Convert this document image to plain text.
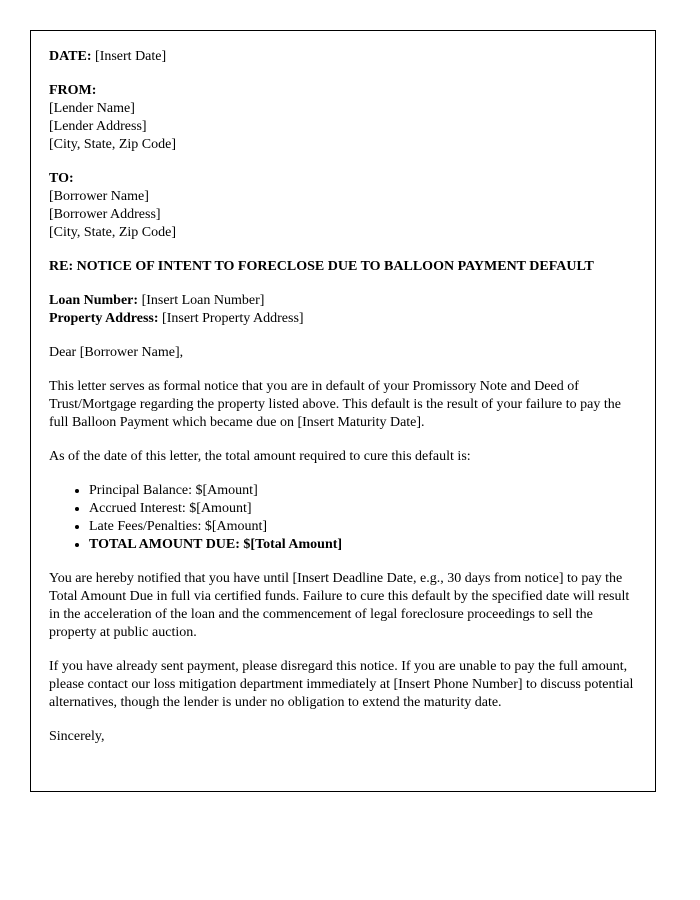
DATE: [Insert Date]

FROM:
[Lender Name]
[Lender Address]
[City, State, Zip Code]
TO:
[Borrower Name]
[Borrower Address]
[City, State, Zip Code]

RE: NOTICE OF INTENT TO FORECLOSE DUE TO BALLOON PAYMENT DEFAULT

Loan Number: [Insert Loan Number]
Property Address: [Insert Property Address]

Dear [Borrower Name],

This letter serves as formal notice that you are in default of your Promissory Note and Deed of Trust/Mortgage regarding the property listed above. This default is the result of your failure to pay the full Balloon Payment which became due on [Insert Maturity Date].

As of the date of this letter, the total amount required to cure this default is:

• Principal Balance: $[Amount]
• Accrued Interest: $[Amount]
• Late Fees/Penalties: $[Amount]
• TOTAL AMOUNT DUE: $[Total Amount]

You are hereby notified that you have until [Insert Deadline Date, e.g., 30 days from notice] to pay the Total Amount Due in full via certified funds. Failure to cure this default by the specified date will result in the acceleration of the loan and the commencement of legal foreclosure proceedings to sell the property at public auction.

If you have already sent payment, please disregard this notice. If you are unable to pay the full amount, please contact our loss mitigation department immediately at [Insert Phone Number] to discuss potential alternatives, though the lender is under no obligation to extend the maturity date.

Sincerely,
